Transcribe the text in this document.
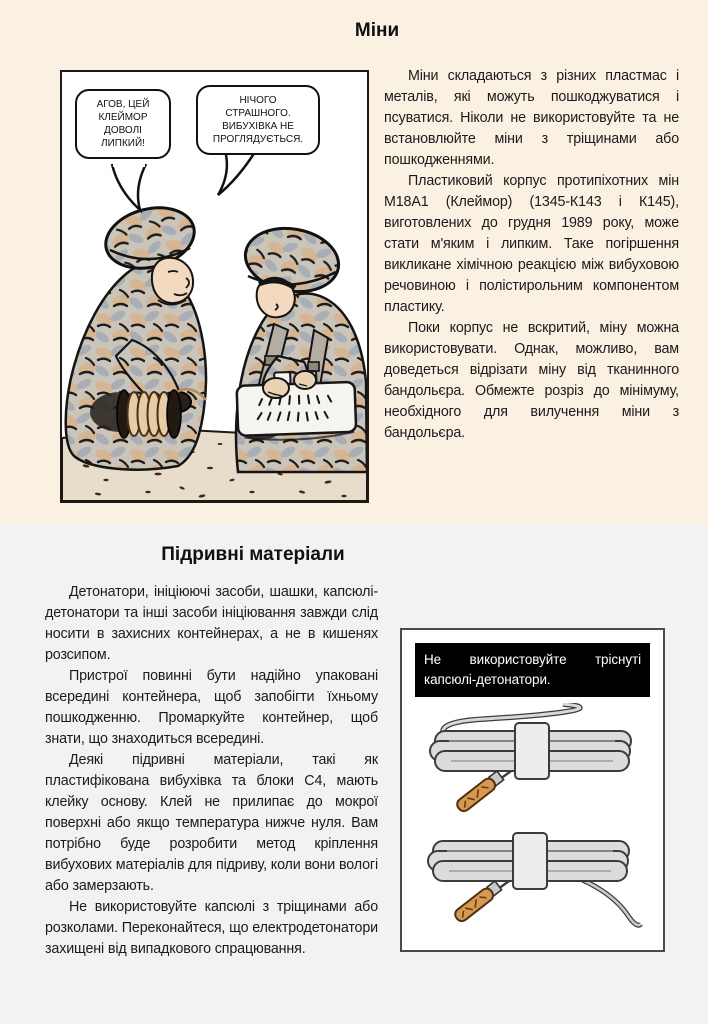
Міни
АГОВ, ЦЕЙ КЛЕЙМОР ДОВОЛІ ЛИПКИЙ!
НІЧОГО СТРАШНОГО. ВИБУХІВКА НЕ ПРОГЛЯДУЄТЬСЯ.

Міни складаються з різних пластмас і металів, які можуть пошкоджуватися і псуватися. Ніколи не використовуйте та не встановлюйте міни з тріщинами або пошкодженнями.

Пластиковий корпус протипіхотних мін М18А1 (Клеймор) (1345-К143 і К145), виготовлених до грудня 1989 року, може стати м'яким і липким. Таке погіршення викликане хімічною реакцією між вибуховою речовиною і полістирольним компонентом пластику.

Поки корпус не вскритий, міну можна використовувати. Однак, можливо, вам доведеться відрізати міну від тканинного бандольєра. Обмежте розріз до мінімуму, необхідного для вилучення міни з бандольєра.

Підривні матеріали

Детонатори, ініціюючі засоби, шашки, капсюлі-детонатори та інші засоби ініціювання завжди слід носити в захисних контейнерах, а не в кишенях розсипом.

Пристрої повинні бути надійно упаковані всередині контейнера, щоб запобігти їхньому пошкодженню. Промаркуйте контейнер, щоб знати, що знаходиться всередині.

Деякі підривні матеріали, такі як пластифікована вибухівка та блоки С4, мають клейку основу. Клей не прилипає до мокрої поверхні або якщо температура нижче нуля. Вам потрібно буде розробити метод кріплення вибухових матеріалів для підриву, коли вони вологі або замерзають.

Не використовуйте капсюлі з тріщинами або розколами. Переконайтеся, що електродетонатори захищені від випадкового спрацювання.

Не використовуйте тріснуті капсюлі-детонатори.
